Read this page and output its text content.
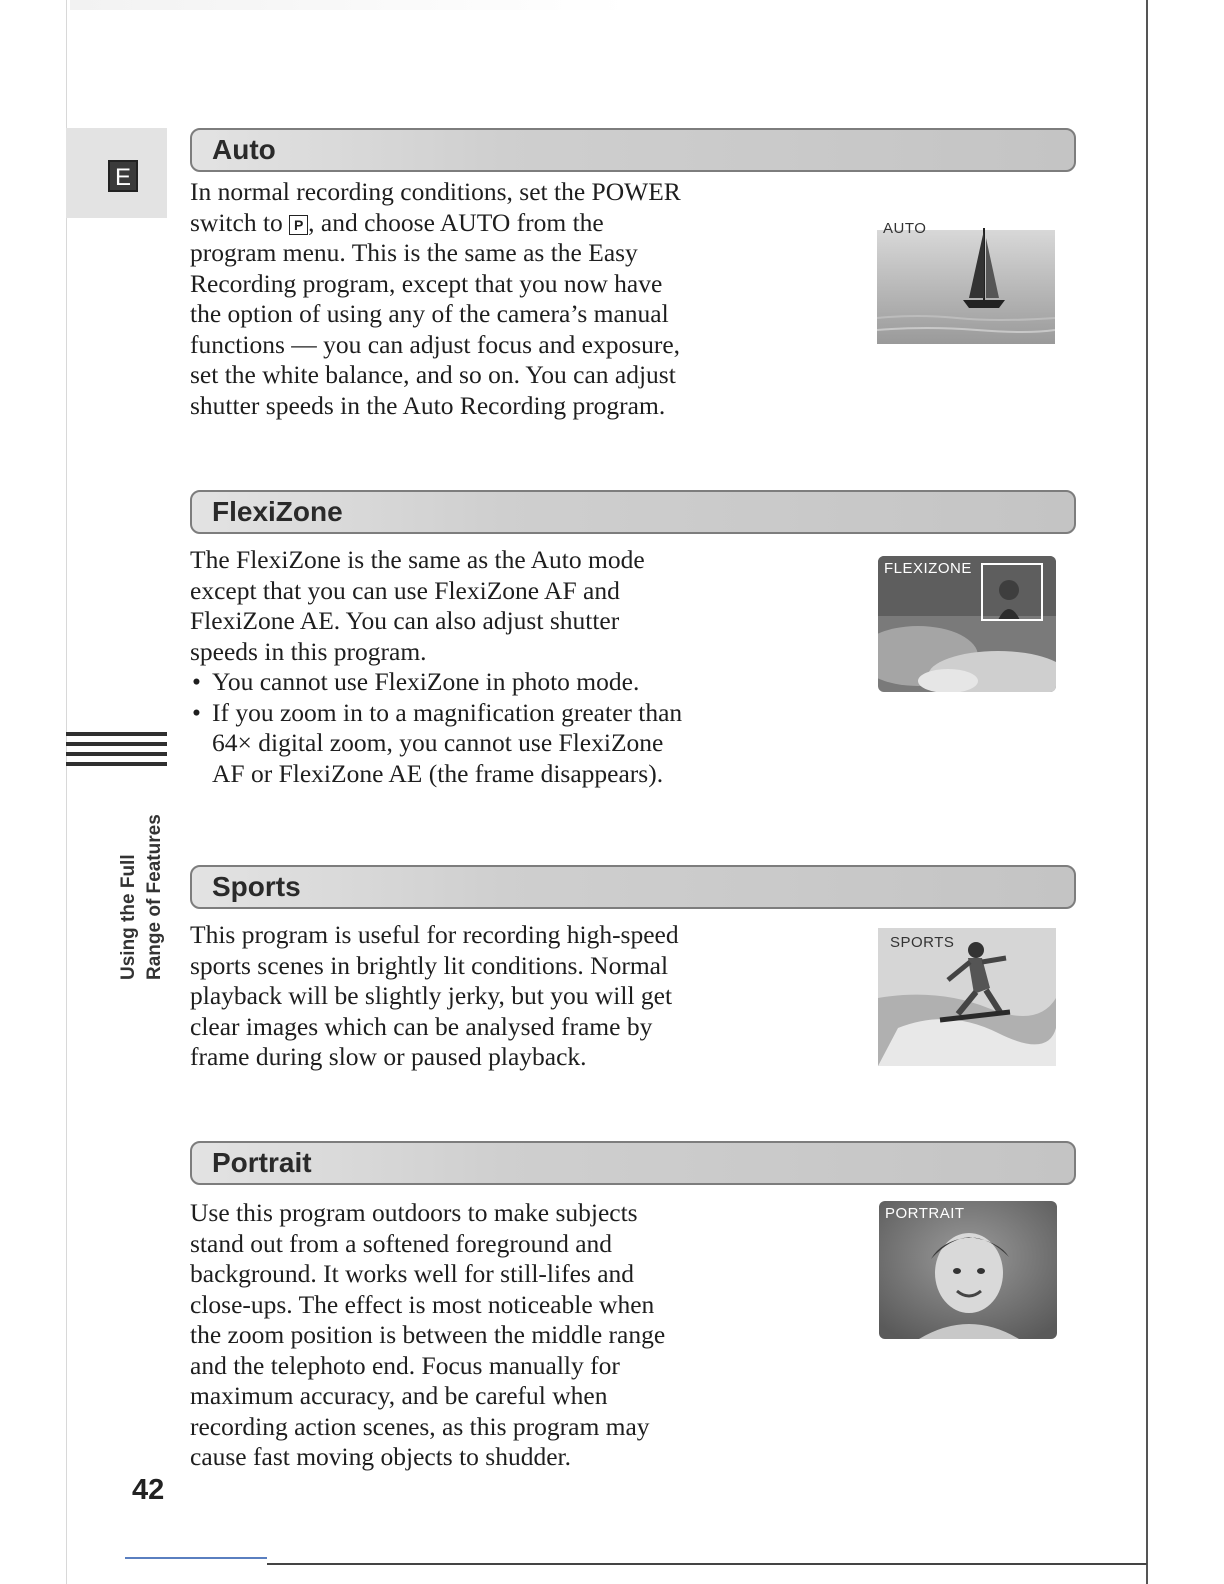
E
Using the Full Range of Features
Auto

In normal recording conditions, set the POWER switch to P , and choose AUTO from the program menu. This is the same as the Easy Recording program, except that you now have the option of using any of the camera’s manual functions — you can adjust focus and exposure, set the white balance, and so on. You can adjust shutter speeds in the Auto Recording program.

AUTO
FlexiZone

The FlexiZone is the same as the Auto mode except that you can use FlexiZone AF and FlexiZone AE. You can also adjust shutter speeds in this program.

• You cannot use FlexiZone in photo mode.
• If you zoom in to a magnification greater than 64× digital zoom, you cannot use FlexiZone AF or FlexiZone AE (the frame disappears).
FLEXIZONE
Sports

This program is useful for recording high-speed sports scenes in brightly lit conditions. Normal playback will be slightly jerky, but you will get clear images which can be analysed frame by frame during slow or paused playback.

SPORTS
Portrait

Use this program outdoors to make subjects stand out from a softened foreground and background. It works well for still-lifes and close-ups. The effect is most noticeable when the zoom position is between the middle range and the telephoto end. Focus manually for maximum accuracy, and be careful when recording action scenes, as this program may cause fast moving objects to shudder.

PORTRAIT
42
